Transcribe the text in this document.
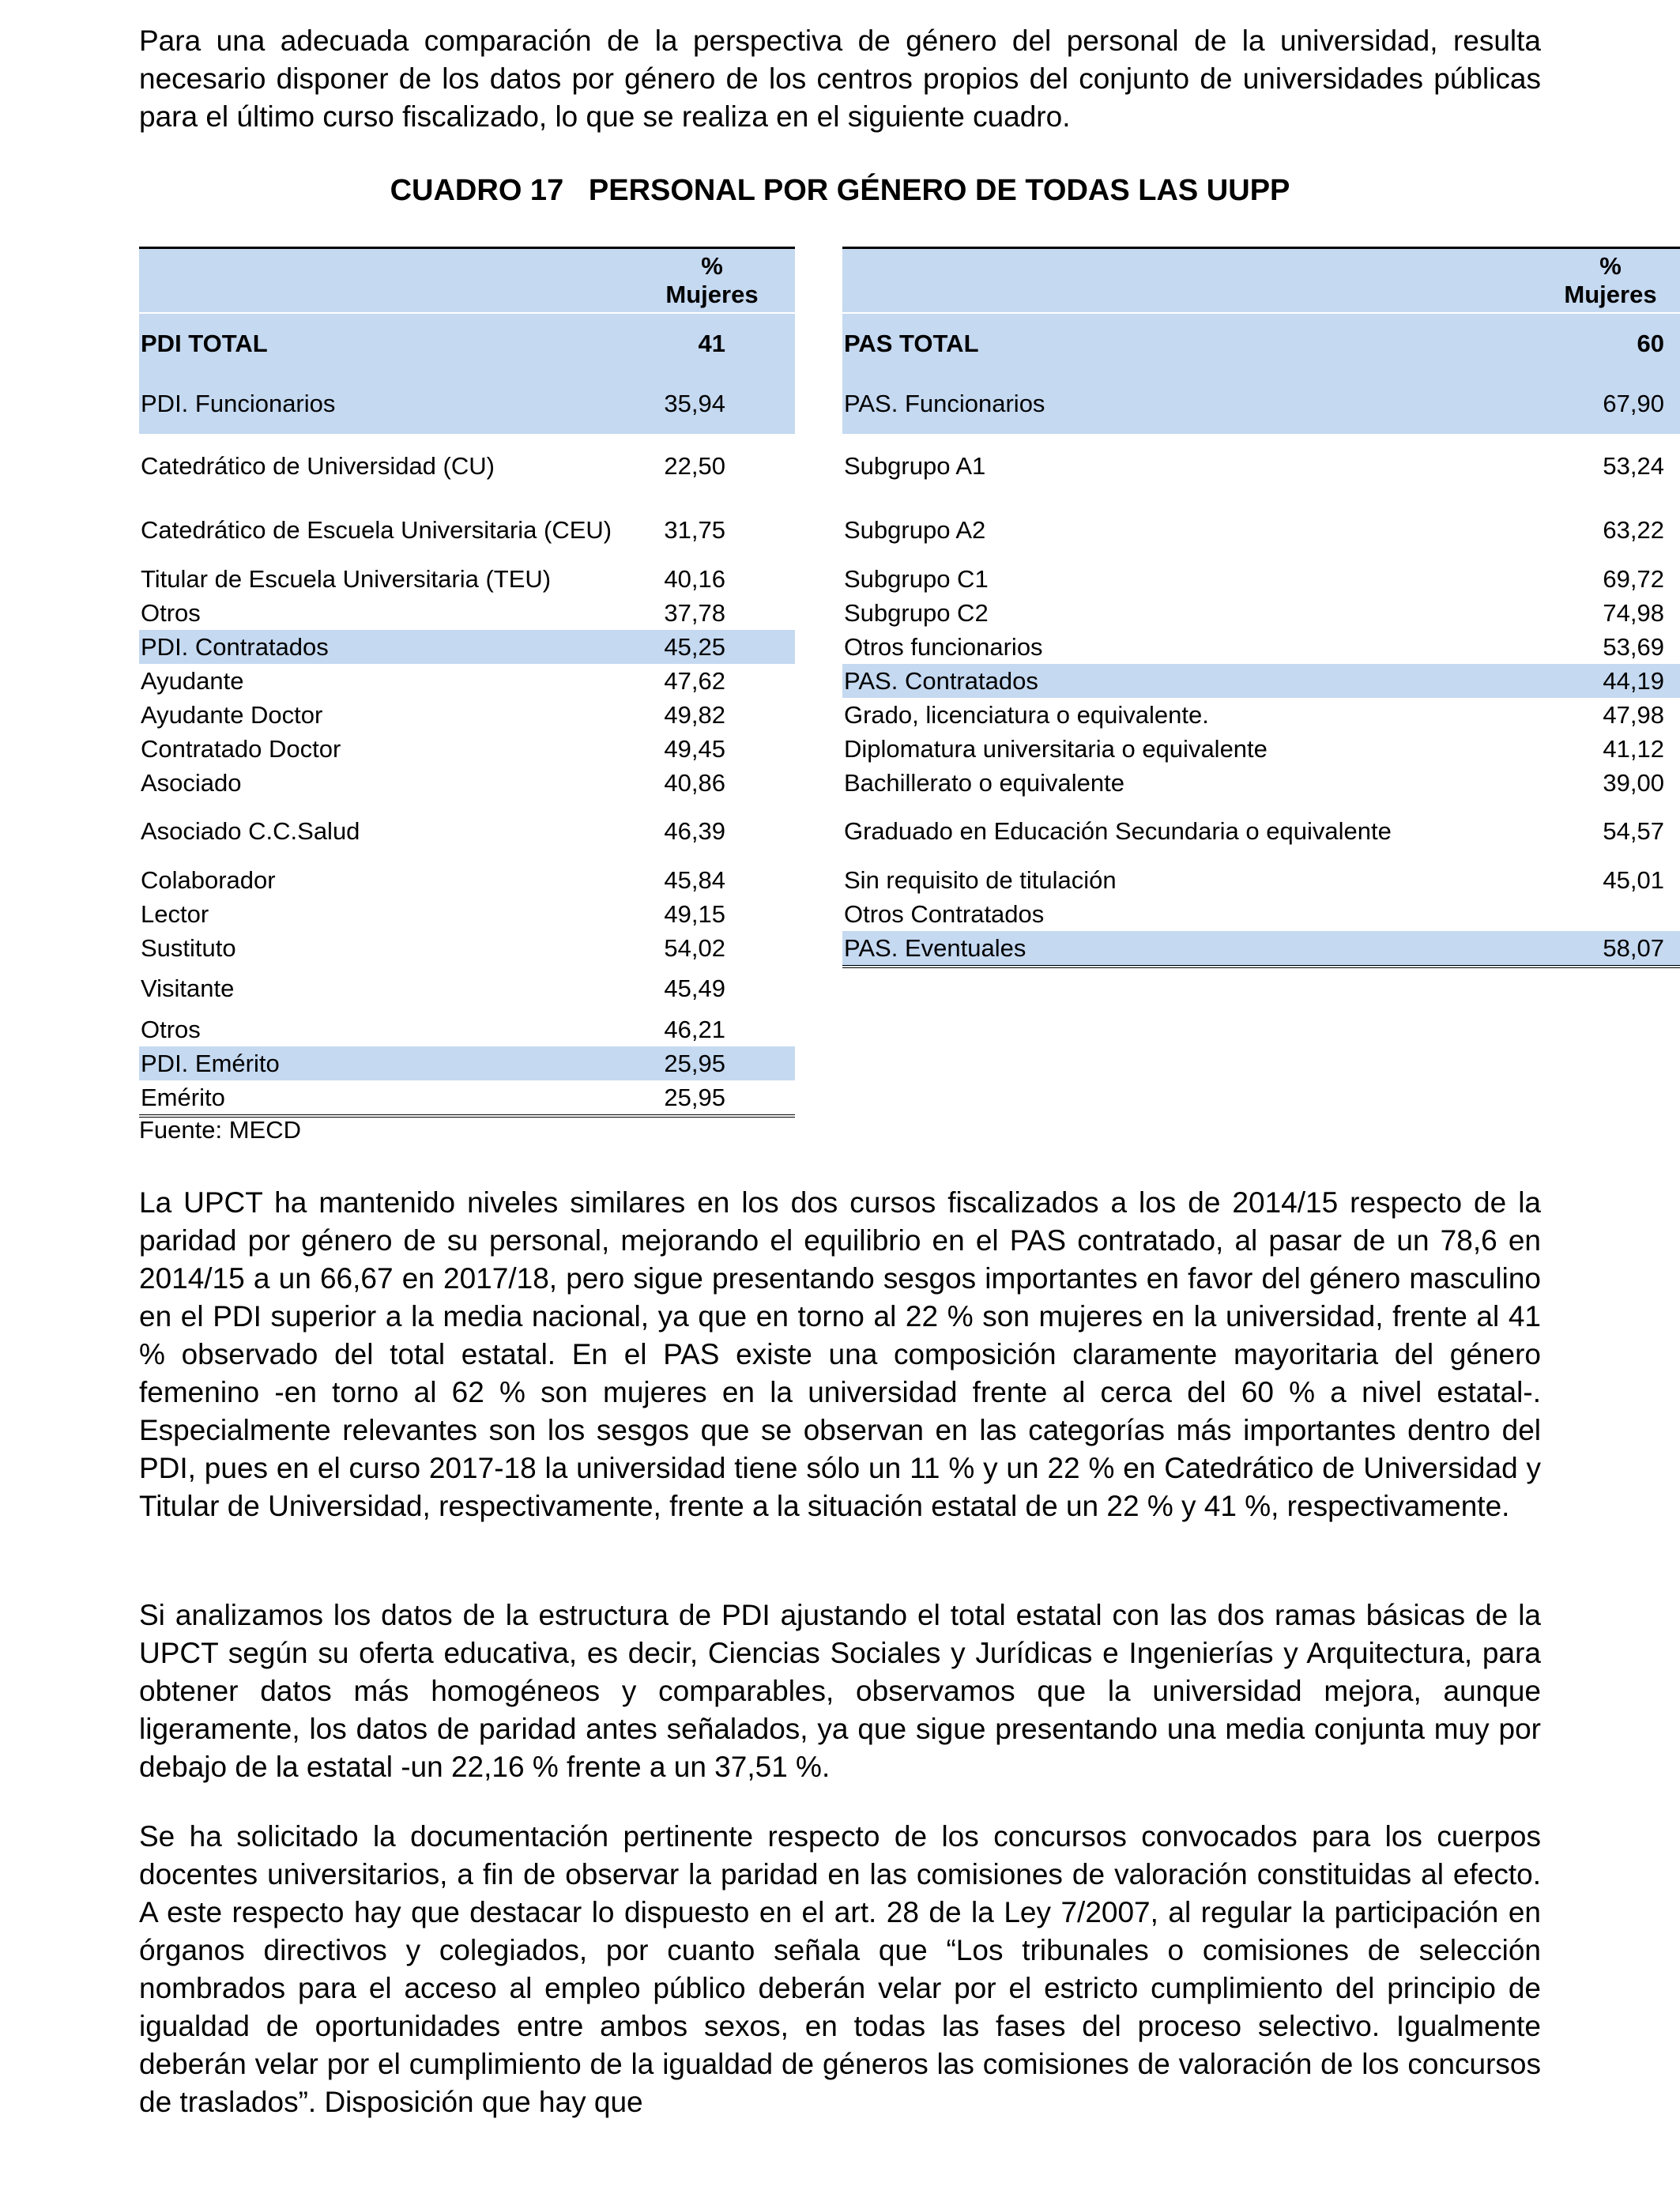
Para una adecuada comparación de la perspectiva de género del personal de la universidad, resulta necesario disponer de los datos por género de los centros propios del conjunto de universidades públicas para el último curso fiscalizado, lo que se realiza en el siguiente cuadro.

CUADRO 17   PERSONAL POR GÉNERO DE TODAS LAS UUPP
	%
Mujeres
PDI TOTAL	41
PDI. Funcionarios	35,94
Catedrático de Universidad (CU)	22,50
Catedrático de Escuela Universitaria (CEU)	31,75
Titular de Escuela Universitaria (TEU)	40,16
Otros	37,78
PDI. Contratados	45,25
Ayudante	47,62
Ayudante Doctor	49,82
Contratado Doctor	49,45
Asociado	40,86
Asociado C.C.Salud	46,39
Colaborador	45,84
Lector	49,15
Sustituto	54,02
Visitante	45,49
Otros	46,21
PDI. Emérito	25,95
Emérito	25,95
	%
Mujeres
PAS TOTAL	60
PAS. Funcionarios	67,90
Subgrupo A1	53,24
Subgrupo A2	63,22
Subgrupo C1	69,72
Subgrupo C2	74,98
Otros funcionarios	53,69
PAS. Contratados	44,19
Grado, licenciatura o equivalente.	47,98
Diplomatura universitaria o equivalente	41,12
Bachillerato o equivalente	39,00
Graduado en Educación Secundaria o equivalente	54,57
Sin requisito de titulación	45,01
Otros Contratados	
PAS. Eventuales	58,07
Fuente: MECD

La UPCT ha mantenido niveles similares en los dos cursos fiscalizados a los de 2014/15 respecto de la paridad por género de su personal, mejorando el equilibrio en el PAS contratado, al pasar de un 78,6 en 2014/15 a un 66,67 en 2017/18, pero sigue presentando sesgos importantes en favor del género masculino en el PDI superior a la media nacional, ya que en torno al 22 % son mujeres en la universidad, frente al 41 % observado del total estatal. En el PAS existe una composición claramente mayoritaria del género femenino -en torno al 62 % son mujeres en la universidad frente al cerca del 60 % a nivel estatal-. Especialmente relevantes son los sesgos que se observan en las categorías más importantes dentro del PDI, pues en el curso 2017-18 la universidad tiene sólo un 11 % y un 22 % en Catedrático de Universidad y Titular de Universidad, respectivamente, frente a la situación estatal de un 22 % y 41 %, respectivamente.

Si analizamos los datos de la estructura de PDI ajustando el total estatal con las dos ramas básicas de la UPCT según su oferta educativa, es decir, Ciencias Sociales y Jurídicas e Ingenierías y Arquitectura, para obtener datos más homogéneos y comparables, observamos que la universidad mejora, aunque ligeramente, los datos de paridad antes señalados, ya que sigue presentando una media conjunta muy por debajo de la estatal -un 22,16 % frente a un 37,51 %.

Se ha solicitado la documentación pertinente respecto de los concursos convocados para los cuerpos docentes universitarios, a fin de observar la paridad en las comisiones de valoración constituidas al efecto. A este respecto hay que destacar lo dispuesto en el art. 28 de la Ley 7/2007, al regular la participación en órganos directivos y colegiados, por cuanto señala que “Los tribunales o comisiones de selección nombrados para el acceso al empleo público deberán velar por el estricto cumplimiento del principio de igualdad de oportunidades entre ambos sexos, en todas las fases del proceso selectivo. Igualmente deberán velar por el cumplimiento de la igualdad de géneros las comisiones de valoración de los concursos de traslados”. Disposición que hay que
